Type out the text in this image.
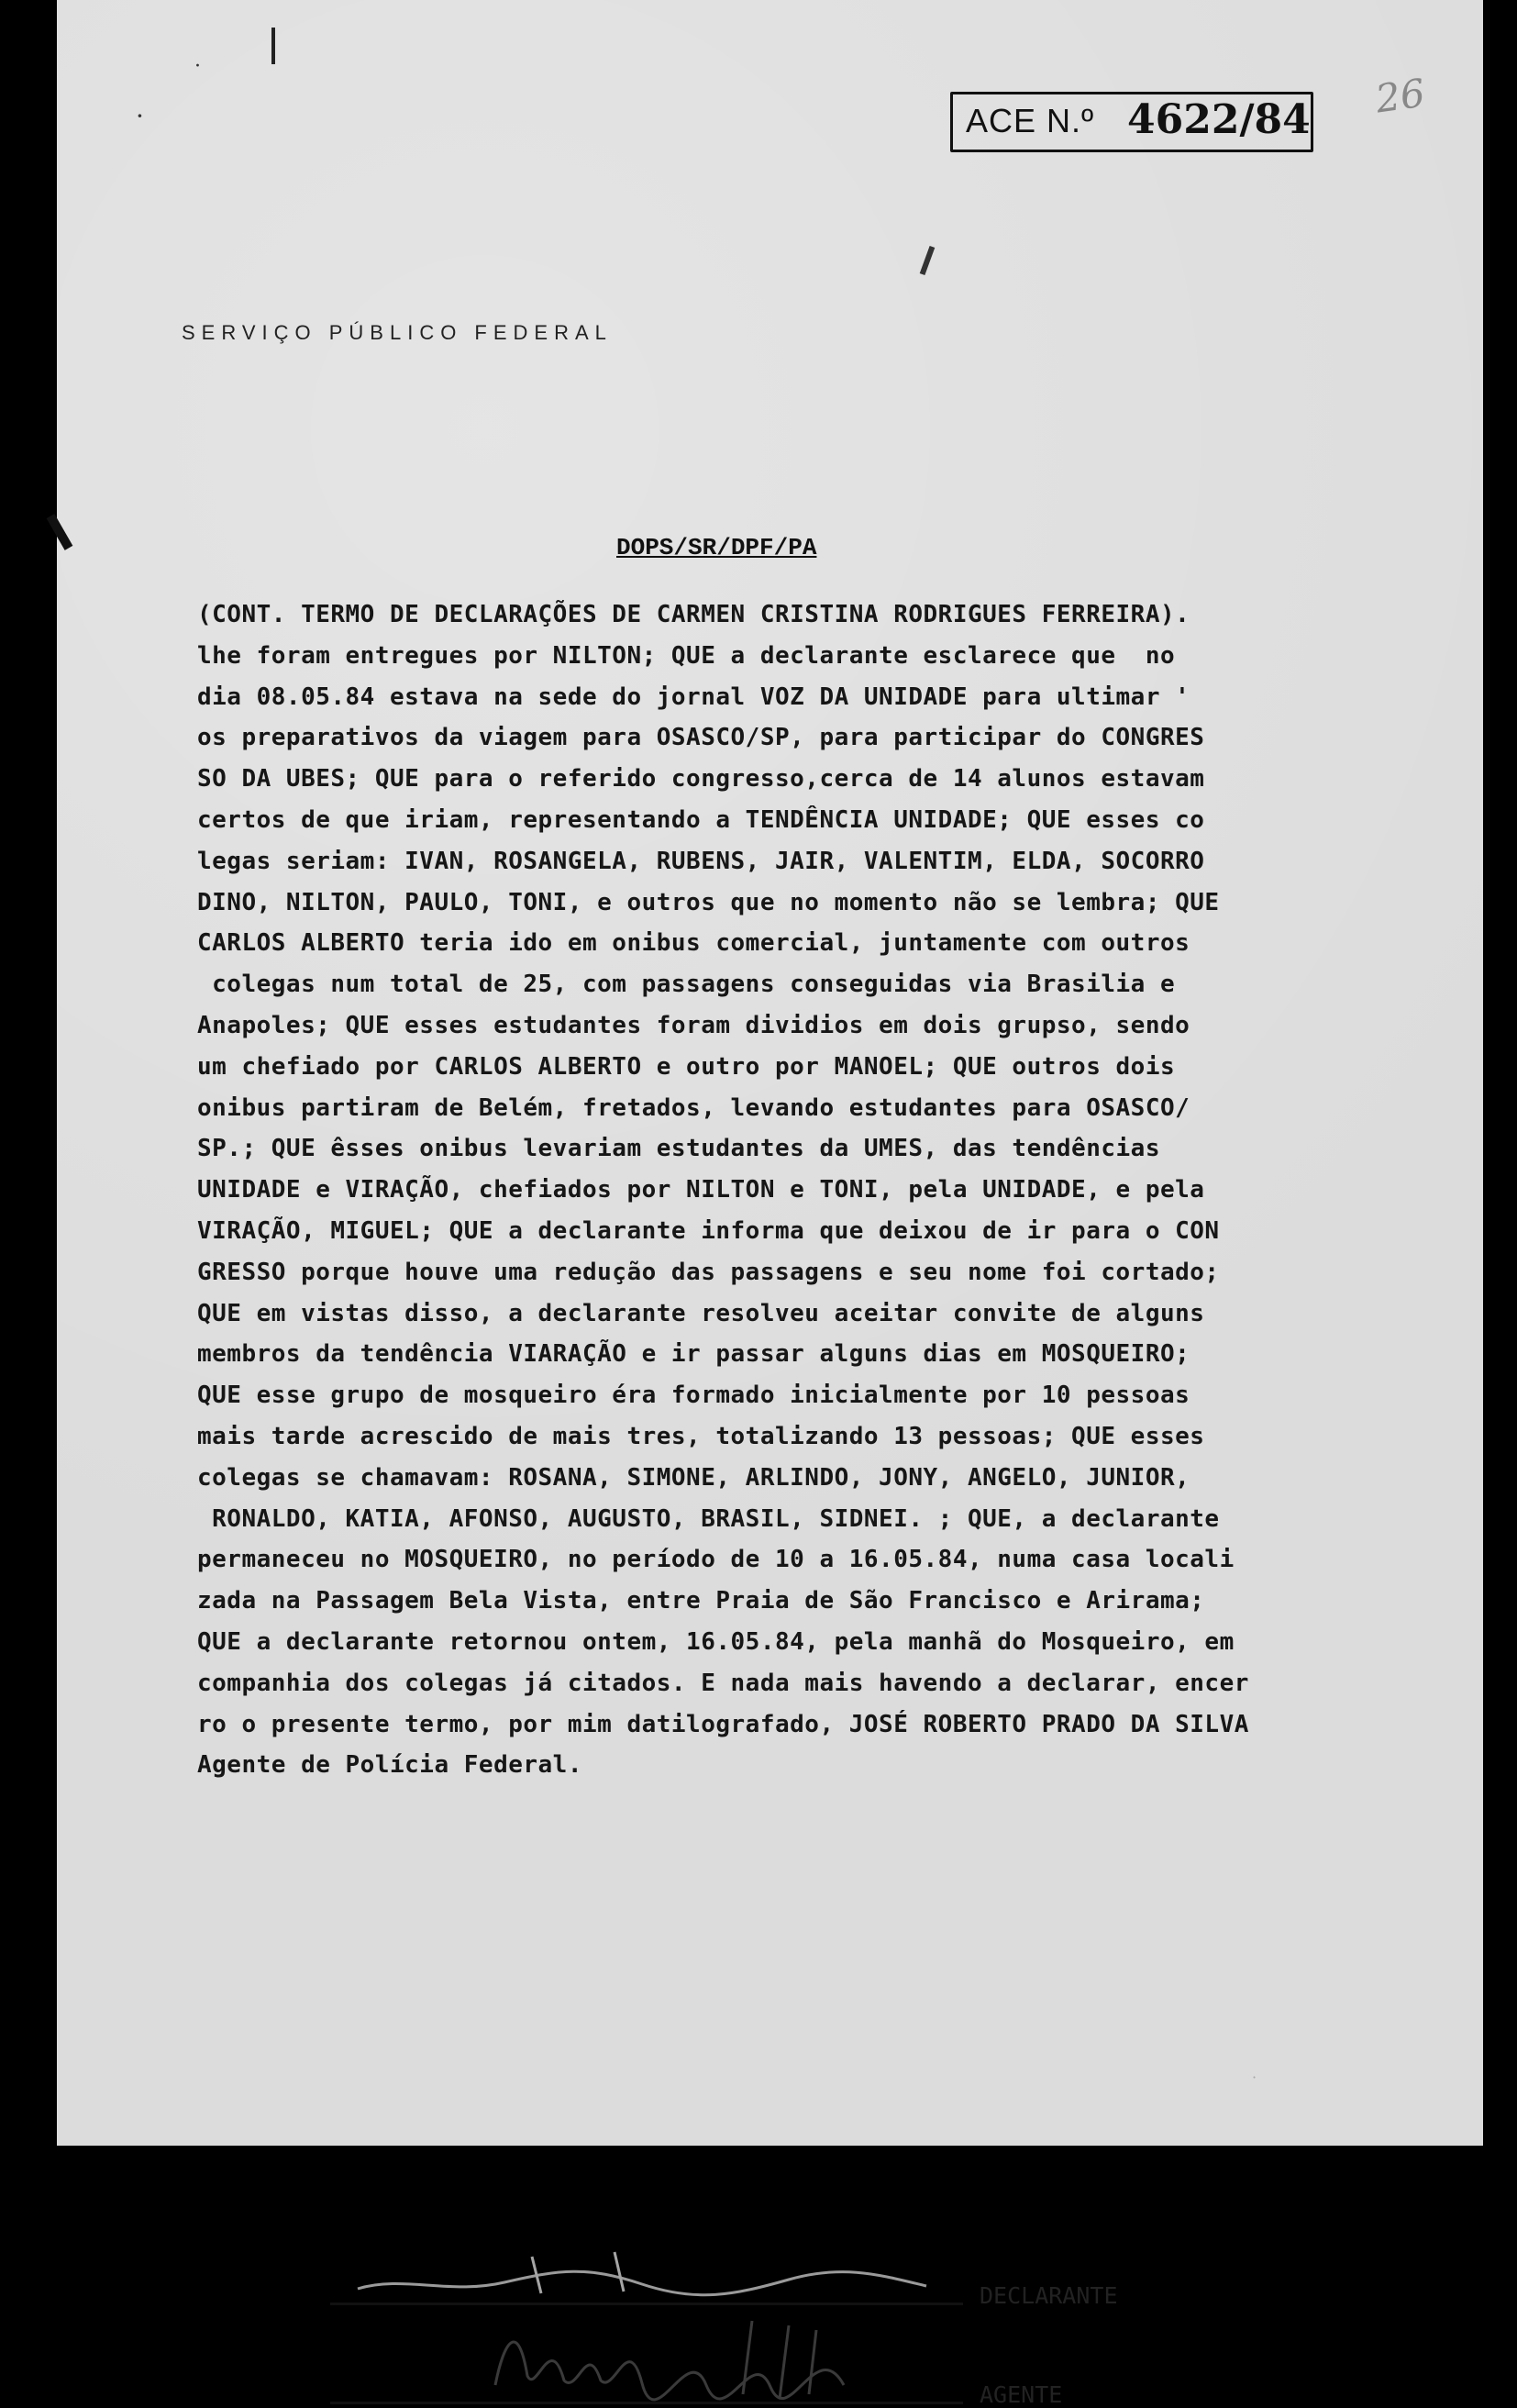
·
·	ACE N.º 4622/84 26
SERVIÇO PÚBLICO FEDERAL
DOPS/SR/DPF/PA
(CONT. TERMO DE DECLARAÇÕES DE CARMEN CRISTINA RODRIGUES FERREIRA).
lhe foram entregues por NILTON; QUE a declarante esclarece que  no
dia 08.05.84 estava na sede do jornal VOZ DA UNIDADE para ultimar '
os preparativos da viagem para OSASCO/SP, para participar do CONGRES
SO DA UBES; QUE para o referido congresso,cerca de 14 alunos estavam
certos de que iriam, representando a TENDÊNCIA UNIDADE; QUE esses co
legas seriam: IVAN, ROSANGELA, RUBENS, JAIR, VALENTIM, ELDA, SOCORRO
DINO, NILTON, PAULO, TONI, e outros que no momento não se lembra; QUE
CARLOS ALBERTO teria ido em onibus comercial, juntamente com outros
colegas num total de 25, com passagens conseguidas via Brasilia e
Anapoles; QUE esses estudantes foram dividios em dois grupso, sendo
um chefiado por CARLOS ALBERTO e outro por MANOEL; QUE outros dois
onibus partiram de Belém, fretados, levando estudantes para OSASCO/
SP.; QUE êsses onibus levariam estudantes da UMES, das tendências
UNIDADE e VIRAÇÃO, chefiados por NILTON e TONI, pela UNIDADE, e pela
VIRAÇÃO, MIGUEL; QUE a declarante informa que deixou de ir para o CON
GRESSO porque houve uma redução das passagens e seu nome foi cortado;
QUE em vistas disso, a declarante resolveu aceitar convite de alguns
membros da tendência VIARAÇÃO e ir passar alguns dias em MOSQUEIRO;
QUE esse grupo de mosqueiro éra formado inicialmente por 10 pessoas
mais tarde acrescido de mais tres, totalizando 13 pessoas; QUE esses
colegas se chamavam: ROSANA, SIMONE, ARLINDO, JONY, ANGELO, JUNIOR,
RONALDO, KATIA, AFONSO, AUGUSTO, BRASIL, SIDNEI. ; QUE, a declarante
permaneceu no MOSQUEIRO, no período de 10 a 16.05.84, numa casa locali
zada na Passagem Bela Vista, entre Praia de São Francisco e Arirama;
QUE a declarante retornou ontem, 16.05.84, pela manhã do Mosqueiro, em
companhia dos colegas já citados. E nada mais havendo a declarar, encer
ro o presente termo, por mim datilografado, JOSÉ ROBERTO PRADO DA SILVA
Agente de Polícia Federal.
DECLARANTE
AGENTE
·
